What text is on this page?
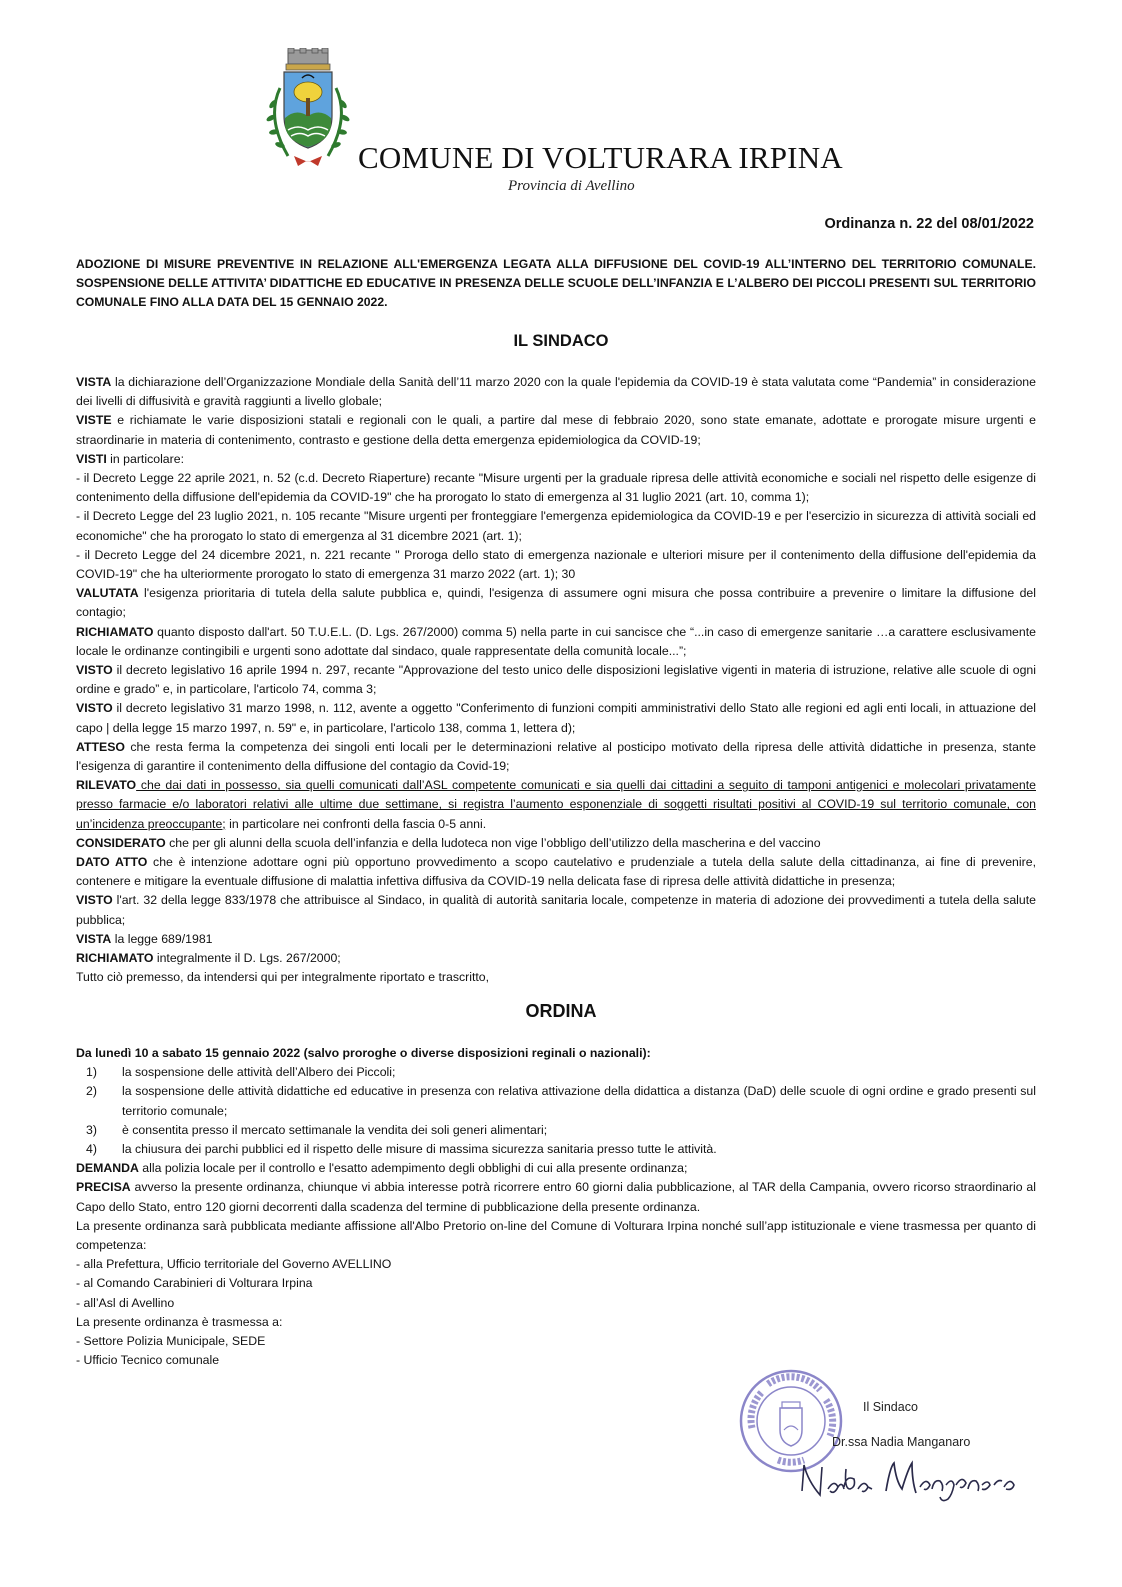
COMUNE DI VOLTURARA IRPINA
Provincia di Avellino
Ordinanza n. 22 del 08/01/2022
ADOZIONE DI MISURE PREVENTIVE IN RELAZIONE ALL'EMERGENZA LEGATA ALLA DIFFUSIONE DEL COVID-19 ALL’INTERNO DEL TERRITORIO COMUNALE. SOSPENSIONE DELLE ATTIVITA’ DIDATTICHE ED EDUCATIVE IN PRESENZA DELLE SCUOLE DELL’INFANZIA E L’ALBERO DEI PICCOLI PRESENTI SUL TERRITORIO COMUNALE FINO ALLA DATA DEL 15 GENNAIO 2022.
IL SINDACO

VISTA la dichiarazione dell’Organizzazione Mondiale della Sanità dell’11 marzo 2020 con la quale l'epidemia da COVID-19 è stata valutata come “Pandemia” in considerazione dei livelli di diffusività e gravità raggiunti a livello globale;

VISTE e richiamate le varie disposizioni statali e regionali con le quali, a partire dal mese di febbraio 2020, sono state emanate, adottate e prorogate misure urgenti e straordinarie in materia di contenimento, contrasto e gestione della detta emergenza epidemiologica da COVID-19;

VISTI in particolare:

- il Decreto Legge 22 aprile 2021, n. 52 (c.d. Decreto Riaperture) recante "Misure urgenti per la graduale ripresa delle attività economiche e sociali nel rispetto delle esigenze di contenimento della diffusione dell'epidemia da COVID-19" che ha prorogato lo stato di emergenza al 31 luglio 2021 (art. 10, comma 1);

- il Decreto Legge del 23 luglio 2021, n. 105 recante "Misure urgenti per fronteggiare l'emergenza epidemiologica da COVID-19 e per l'esercizio in sicurezza di attività sociali ed economiche" che ha prorogato lo stato di emergenza al 31 dicembre 2021 (art. 1);

- il Decreto Legge del 24 dicembre 2021, n. 221 recante " Proroga dello stato di emergenza nazionale e ulteriori misure per il contenimento della diffusione dell'epidemia da COVID-19" che ha ulteriormente prorogato lo stato di emergenza 31 marzo 2022 (art. 1); 30

VALUTATA l'esigenza prioritaria di tutela della salute pubblica e, quindi, l'esigenza di assumere ogni misura che possa contribuire a prevenire o limitare la diffusione del contagio;

RICHIAMATO quanto disposto dall'art. 50 T.U.E.L. (D. Lgs. 267/2000) comma 5) nella parte in cui sancisce che “...in caso di emergenze sanitarie …a carattere esclusivamente locale le ordinanze contingibili e urgenti sono adottate dal sindaco, quale rappresentate della comunità locale...”;

VISTO il decreto legislativo 16 aprile 1994 n. 297, recante "Approvazione del testo unico delle disposizioni legislative vigenti in materia di istruzione, relative alle scuole di ogni ordine e grado” e, in particolare, l'articolo 74, comma 3;

VISTO il decreto legislativo 31 marzo 1998, n. 112, avente a oggetto "Conferimento di funzioni compiti amministrativi dello Stato alle regioni ed agli enti locali, in attuazione del capo | della legge 15 marzo 1997, n. 59" e, in particolare, l'articolo 138, comma 1, lettera d);

ATTESO che resta ferma la competenza dei singoli enti locali per le determinazioni relative al posticipo motivato della ripresa delle attività didattiche in presenza, stante l'esigenza di garantire il contenimento della diffusione del contagio da Covid-19;

RILEVATO che dai dati in possesso, sia quelli comunicati dall’ASL competente comunicati e sia quelli dai cittadini a seguito di tamponi antigenici e molecolari privatamente presso farmacie e/o laboratori relativi alle ultime due settimane, si registra l’aumento esponenziale di soggetti risultati positivi al COVID-19 sul territorio comunale, con un’incidenza preoccupante; in particolare nei confronti della fascia 0-5 anni.

CONSIDERATO che per gli alunni della scuola dell’infanzia e della ludoteca non vige l’obbligo dell’utilizzo della mascherina e del vaccino

DATO ATTO che è intenzione adottare ogni più opportuno provvedimento a scopo cautelativo e prudenziale a tutela della salute della cittadinanza, ai fine di prevenire, contenere e mitigare la eventuale diffusione di malattia infettiva diffusiva da COVID-19 nella delicata fase di ripresa delle attività didattiche in presenza;

VISTO l'art. 32 della legge 833/1978 che attribuisce al Sindaco, in qualità di autorità sanitaria locale, competenze in materia di adozione dei provvedimenti a tutela della salute pubblica;

VISTA la legge 689/1981

RICHIAMATO integralmente il D. Lgs. 267/2000;

Tutto ciò premesso, da intendersi qui per integralmente riportato e trascritto,

ORDINA

Da lunedì 10 a sabato 15 gennaio 2022 (salvo proroghe o diverse disposizioni reginali o nazionali):

1) la sospensione delle attività dell’Albero dei Piccoli;
2) la sospensione delle attività didattiche ed educative in presenza con relativa attivazione della didattica a distanza (DaD) delle scuole di ogni ordine e grado presenti sul territorio comunale;
3) è consentita presso il mercato settimanale la vendita dei soli generi alimentari;
4) la chiusura dei parchi pubblici ed il rispetto delle misure di massima sicurezza sanitaria presso tutte le attività.

DEMANDA alla polizia locale per il controllo e l'esatto adempimento degli obblighi di cui alla presente ordinanza;

PRECISA avverso la presente ordinanza, chiunque vi abbia interesse potrà ricorrere entro 60 giorni dalia pubblicazione, al TAR della Campania, ovvero ricorso straordinario al Capo dello Stato, entro 120 giorni decorrenti dalla scadenza del termine di pubblicazione della presente ordinanza.

La presente ordinanza sarà pubblicata mediante affissione all'Albo Pretorio on-line del Comune di Volturara Irpina nonché sull’app istituzionale e viene trasmessa per quanto di competenza:

- alla Prefettura, Ufficio territoriale del Governo AVELLINO
- al Comando Carabinieri di Volturara Irpina
- all’Asl di Avellino

La presente ordinanza è trasmessa a:

- Settore Polizia Municipale, SEDE
- Ufficio Tecnico comunale
Il Sindaco
Dr.ssa Nadia Manganaro
